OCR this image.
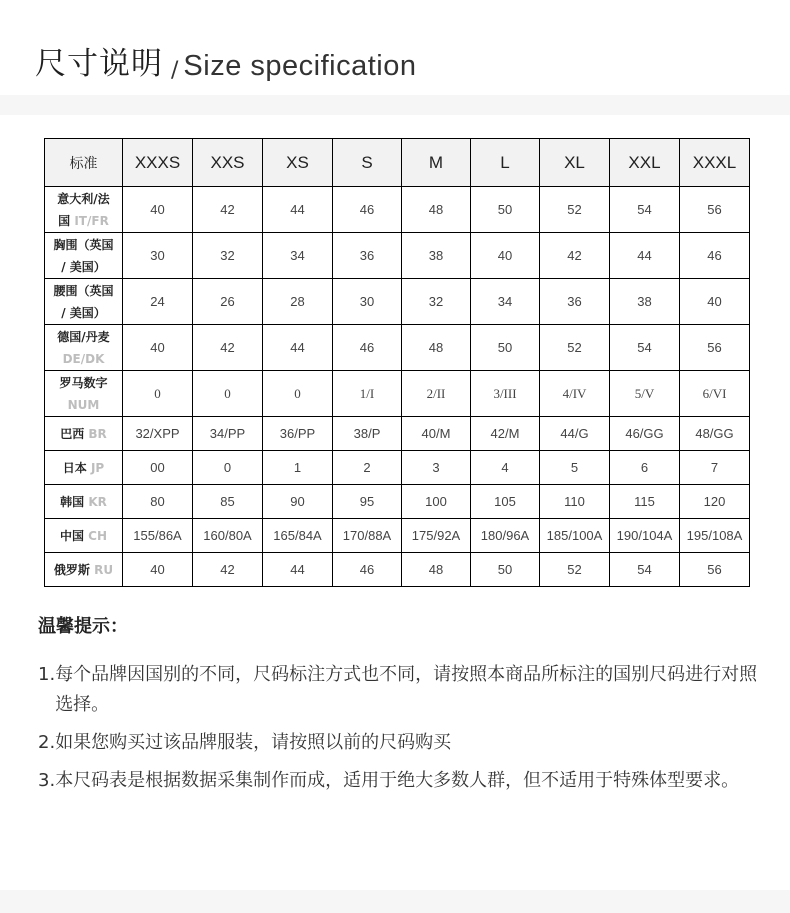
尺寸说明 / Size specification
标准	XXXS	XXS	XS	S	M	L	XL	XXL	XXXL
意大利/法
国 IT/FR	40	42	44	46	48	50	52	54	56
胸围（英国
/ 美国）	30	32	34	36	38	40	42	44	46
腰围（英国
/ 美国）	24	26	28	30	32	34	36	38	40
德国/丹麦
DE/DK	40	42	44	46	48	50	52	54	56
罗马数字
NUM	0	0	0	1/I	2/II	3/III	4/IV	5/V	6/VI
巴西 BR	32/XPP	34/PP	36/PP	38/P	40/M	42/M	44/G	46/GG	48/GG
日本 JP	00	0	1	2	3	4	5	6	7
韩国 KR	80	85	90	95	100	105	110	115	120
中国 CH	155/86A	160/80A	165/84A	170/88A	175/92A	180/96A	185/100A	190/104A	195/108A
俄罗斯 RU	40	42	44	46	48	50	52	54	56
温馨提示：
1. 每个品牌因国别的不同，尺码标注方式也不同，请按照本商品所标注的国别尺码进行对照选择。
2. 如果您购买过该品牌服装，请按照以前的尺码购买
3. 本尺码表是根据数据采集制作而成，适用于绝大多数人群，但不适用于特殊体型要求。
